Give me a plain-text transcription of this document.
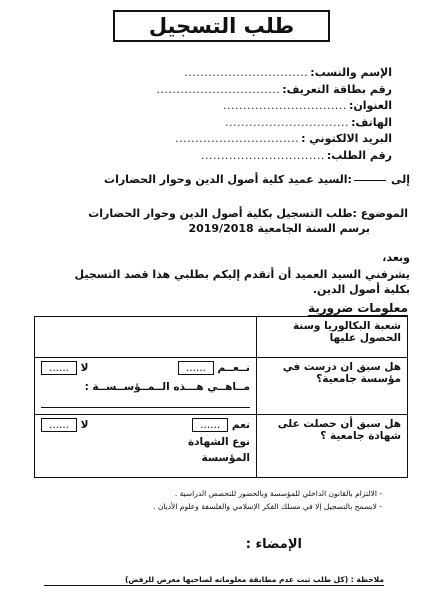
طلب التسجيل
الإسم والنسب:
...............................
رقم بطاقة التعريف:
...............................
العنوان:
...............................
الهاتف:
...............................
البريد الالكتوني :
...............................
رقم الطلب:
...............................
إلى:السيد عميد كلية أصول الدين وحوار الحضارات
الموضوع :طلب التسجيل بكلية أصول الدين وحوار الحضارات
برسم السنة الجامعية 2019/2018
وبعد،
يشرفني السيد العميد أن أتقدم إليكم بطلبي هذا قصد التسجيل بكلية أصول الدين.
معلومات ضرورية
شعبة البكالوريا وسنة الحصول عليها	
هل سبق ان درست في مؤسسة جامعية؟	نــعــم ......
لا ......
مــاهــي هـــذه الــمــؤســســة :

هل سبق أن حصلت على شهادة جامعية ؟	نعم ......
لا ......
نوع الشهادة
المؤسسة
- الالتزام بالقانون الداخلي للمؤسسة وبالحضور للتحصص الدراسية .
- لايسمح بالتسجيل إلا في مسلك الفكر الإسلامي والفلسفة وعلوم الأديان .
الإمضاء :
ملاحظة : (كل طلب ثبت عدم مطابقة معلوماته لصاحبها معرض للرفض)
